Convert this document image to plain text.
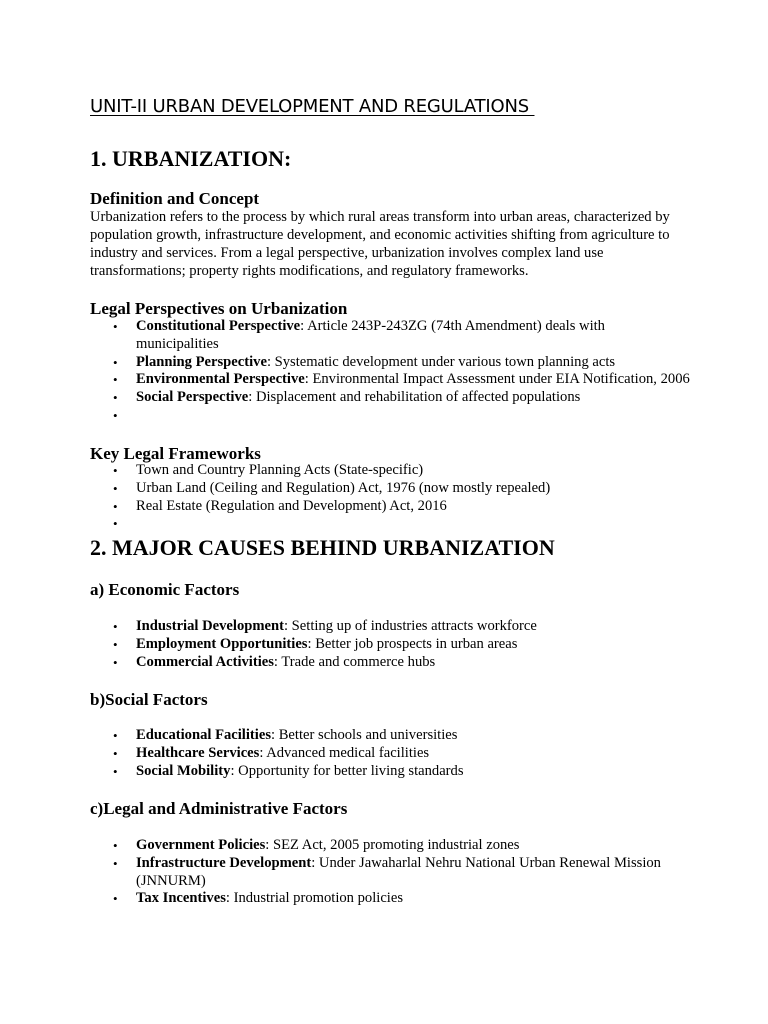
UNIT-II URBAN DEVELOPMENT AND REGULATIONS
1. URBANIZATION:
Definition and Concept

Urbanization refers to the process by which rural areas transform into urban areas, characterized by population growth, infrastructure development, and economic activities shifting from agriculture to industry and services. From a legal perspective, urbanization involves complex land use transformations; property rights modifications, and regulatory frameworks.

Legal Perspectives on Urbanization
• Constitutional Perspective: Article 243P-243ZG (74th Amendment) deals with municipalities
• Planning Perspective: Systematic development under various town planning acts
• Environmental Perspective: Environmental Impact Assessment under EIA Notification, 2006
• Social Perspective: Displacement and rehabilitation of affected populations
•
Key Legal Frameworks
• Town and Country Planning Acts (State-specific)
• Urban Land (Ceiling and Regulation) Act, 1976 (now mostly repealed)
• Real Estate (Regulation and Development) Act, 2016
•
2. MAJOR CAUSES BEHIND URBANIZATION
a) Economic Factors
• Industrial Development: Setting up of industries attracts workforce
• Employment Opportunities: Better job prospects in urban areas
• Commercial Activities: Trade and commerce hubs
b)Social Factors
• Educational Facilities: Better schools and universities
• Healthcare Services: Advanced medical facilities
• Social Mobility: Opportunity for better living standards
c)Legal and Administrative Factors
• Government Policies: SEZ Act, 2005 promoting industrial zones
• Infrastructure Development: Under Jawaharlal Nehru National Urban Renewal Mission (JNNURM)
• Tax Incentives: Industrial promotion policies
